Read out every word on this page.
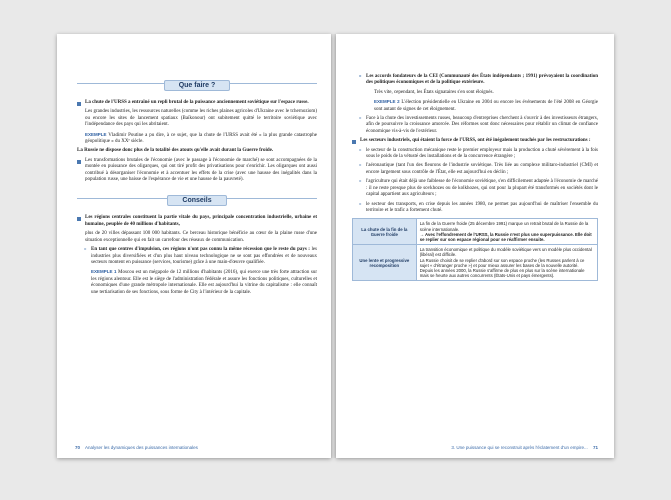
Que faire ?

La chute de l'URSS a entraîné un repli brutal de la puissance anciennement soviétique sur l'espace russe.

Les grandes industries, les ressources naturelles (comme les riches plaines agricoles d'Ukraine avec le tchernoziom) ou encore les sites de lancement spatiaux (Baïkonour) ont subitement quitté le territoire soviétique avec l'indépendance des pays qui les abritaient.

EXEMPLE Vladimir Poutine a pu dire, à ce sujet, que la chute de l'URSS avait été « la plus grande catastrophe géopolitique » du XXᵉ siècle.

La Russie ne dispose donc plus de la totalité des atouts qu'elle avait durant la Guerre froide.

Les transformations brutales de l'économie (avec le passage à l'économie de marché) se sont accompagnées de la montée en puissance des oligarques, qui ont tiré profit des privatisations pour s'enrichir. Les oligarques ont aussi contribué à désorganiser l'économie et à accentuer les effets de la crise (avec une hausse des inégalités dans la population russe, une baisse de l'espérance de vie et une hausse de la pauvreté).

Conseils

Les régions centrales constituent la partie vitale du pays, principale concentration industrielle, urbaine et humaine, peuplée de 40 millions d'habitants,

plus de 20 villes dépassant 100 000 habitants. Ce berceau historique bénéficie au cœur de la plaine russe d'une situation exceptionnelle qui en fait un carrefour des réseaux de communication.

» En tant que centres d'impulsion, ces régions n'ont pas connu la même récession que le reste du pays : les industries plus diversifiées et d'un plus haut niveau technologique ne se sont pas effondrées et de nouveaux secteurs montent en puissance (services, tourisme) grâce à une main-d'œuvre qualifiée.

EXEMPLE 1 Moscou est un mégapole de 12 millions d'habitants (2016), qui exerce une très forte attraction sur les régions alentour. Elle est le siège de l'administration fédérale et assure les fonctions politiques, culturelles et économiques d'une grande métropole internationale. Elle est aujourd'hui la vitrine du capitalisme : elle connaît une tertiarisation de ses fonctions, sous forme de City à l'intérieur de la capitale.

70 Analyser les dynamiques des puissances internationales

» Les accords fondateurs de la CEI (Communauté des États indépendants ; 1991) prévoyaient la coordination des politiques économiques et de la politique extérieure.

Très vite, cependant, les États signataires s'en sont éloignés.

EXEMPLE 2 L'élection présidentielle en Ukraine en 2004 ou encore les événements de l'été 2008 en Géorgie sont autant de signes de cet éloignement.

» Face à la chute des investissements russes, beaucoup d'entreprises cherchent à s'ouvrir à des investisseurs étrangers, afin de poursuivre la croissance amorcée. Des réformes sont donc nécessaires pour rétablir un climat de confiance économique vis-à-vis de l'extérieur.

Les secteurs industriels, qui étaient la force de l'URSS, ont été inégalement touchés par les restructurations :

» le secteur de la construction mécanique reste le premier employeur mais la production a chuté sévèrement à la fois sous le poids de la vétusté des installations et de la concurrence étrangère ;

» l'aéronautique (tant l'un des fleurons de l'industrie soviétique. Très liée au complexe militaro-industriel (CMI) et encore largement sous contrôle de l'État, elle est aujourd'hui en déclin ;

» l'agriculture qui était déjà une faiblesse de l'économie soviétique, s'en difficilement adaptée à l'économie de marché : il ne reste presque plus de sovkhozes ou de kolkhozes, qui ont pour la plupart été transformés en sociétés dont le capital appartient aux agriculteurs ;

» le secteur des transports, en crise depuis les années 1980, ne permet pas aujourd'hui de maîtriser l'ensemble du territoire et le trafic a fortement chuté.

La chute de la fin de la Guerre froide	La fin de la Guerre froide (25 décembre 1991) marque un retrait brutal de la Russie de la scène internationale.
→ Avec l'effondrement de l'URSS, la Russie n'est plus une superpuissance. Elle doit se replier sur son espace régional pour se réaffirmer ensuite.

Une lente et progressive recomposition	La transition économique et politique du modèle soviétique vers un modèle plus occidental (libéral) est difficile.
La Russie choisit de se replier d'abord sur son espace proche (les Russes parlent à ce sujet « d'étranger proche ») et pour mieux assurer les bases de la nouvelle autorité.
Depuis les années 2000, la Russie s'affirme de plus en plus sur la scène internationale mais se heurte aux autres concurrents (États-Unis et pays émergents).
3. Une puissance qui se reconstruit après l'éclatement d'un empire... 71
